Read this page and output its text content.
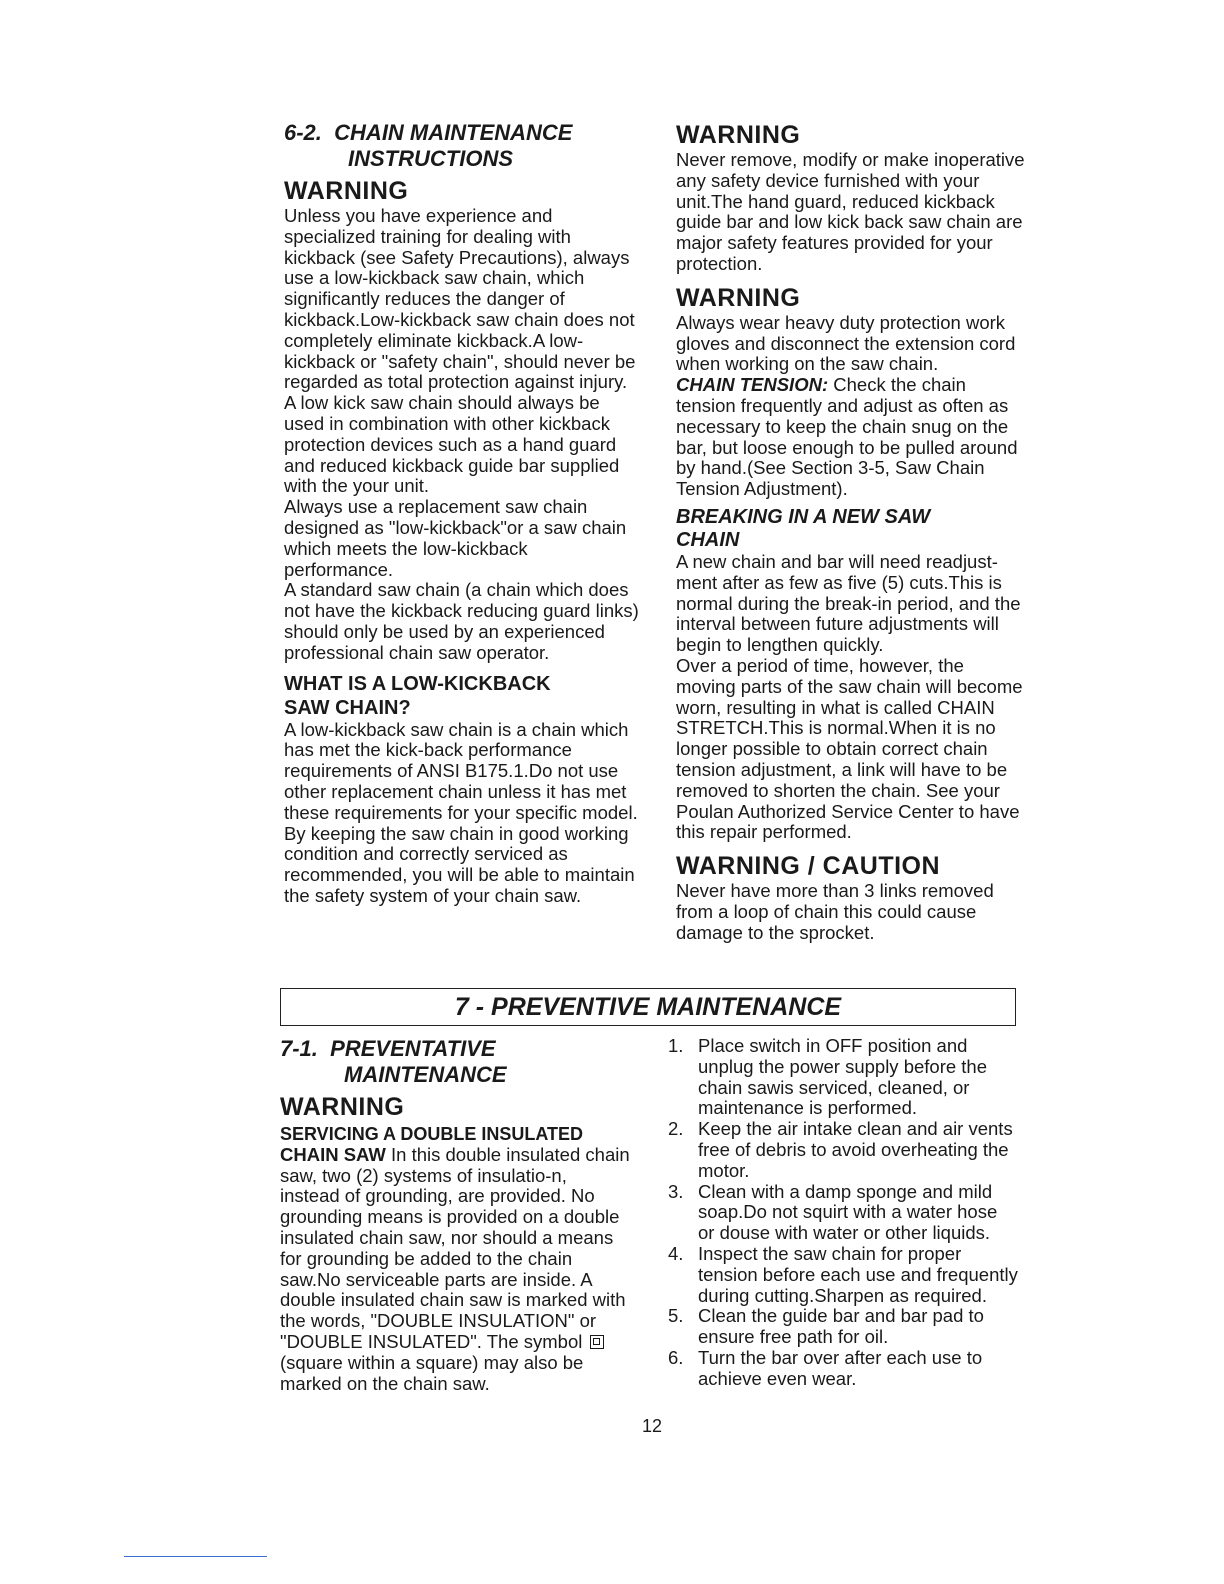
6-2. CHAIN MAINTENANCE
INSTRUCTIONS
WARNING

Unless you have experience and specialized training for dealing with kickback (see Safety Precautions), always use a low-kickback saw chain, which significantly reduces the danger of kickback.Low-kickback saw chain does not completely eliminate kickback.A low-kickback or "safety chain", should never be regarded as total protection against injury.

A low kick saw chain should always be used in combination with other kickback protection devices such as a hand guard and reduced kickback guide bar supplied with the your unit.

Always use a replacement saw chain designed as "low-kickback"or a saw chain which meets the low-kickback performance.

A standard saw chain (a chain which does not have the kickback reducing guard links) should only be used by an experienced professional chain saw operator.

WHAT IS A LOW-KICKBACK
SAW CHAIN?

A low-kickback saw chain is a chain which has met the kick-back performance requirements of ANSI B175.1.Do not use other replacement chain unless it has met these requirements for your specific model.

By keeping the saw chain in good working condition and correctly serviced as recommended, you will be able to maintain the safety system of your chain saw.

WARNING

Never remove, modify or make inoperative any safety device furnished with your unit.The hand guard, reduced kickback guide bar and low kick back saw chain are major safety features provided for your protection.

WARNING

Always wear heavy duty protection work gloves and disconnect the extension cord when working on the saw chain.

CHAIN TENSION: Check the chain tension frequently and adjust as often as necessary to keep the chain snug on the bar, but loose enough to be pulled around by hand.(See Section 3-5, Saw Chain Tension Adjustment).

BREAKING IN A NEW SAW
CHAIN

A new chain and bar will need readjust-ment after as few as five (5) cuts.This is normal during the break-in period, and the interval between future adjustments will begin to lengthen quickly.

Over a period of time, however, the moving parts of the saw chain will become worn, resulting in what is called CHAIN STRETCH.This is normal.When it is no longer possible to obtain correct chain tension adjustment, a link will have to be removed to shorten the chain. See your Poulan Authorized Service Center to have this repair performed.

WARNING / CAUTION

Never have more than 3 links removed from a loop of chain this could cause damage to the sprocket.

7 - PREVENTIVE MAINTENANCE
7-1. PREVENTATIVE
MAINTENANCE
WARNING
SERVICING A DOUBLE INSULATED

CHAIN SAW In this double insulated chain saw, two (2) systems of insulatio-n, instead of grounding, are provided. No grounding means is provided on a double insulated chain saw, nor should a means for grounding be added to the chain saw.No serviceable parts are inside. A double insulated chain saw is marked with the words, "DOUBLE INSULATION" or "DOUBLE INSULATED". The symbol  (square within a square) may also be marked on the chain saw.

1. Place switch in OFF position and unplug the power supply before the chain sawis serviced, cleaned, or maintenance is performed.
2. Keep the air intake clean and air vents free of debris to avoid overheating the motor.
3. Clean with a damp sponge and mild soap.Do not squirt with a water hose or douse with water or other liquids.
4. Inspect the saw chain for proper tension before each use and frequently during cutting.Sharpen as required.
5. Clean the guide bar and bar pad to ensure free path for oil.
6. Turn the bar over after each use to achieve even wear.
12
